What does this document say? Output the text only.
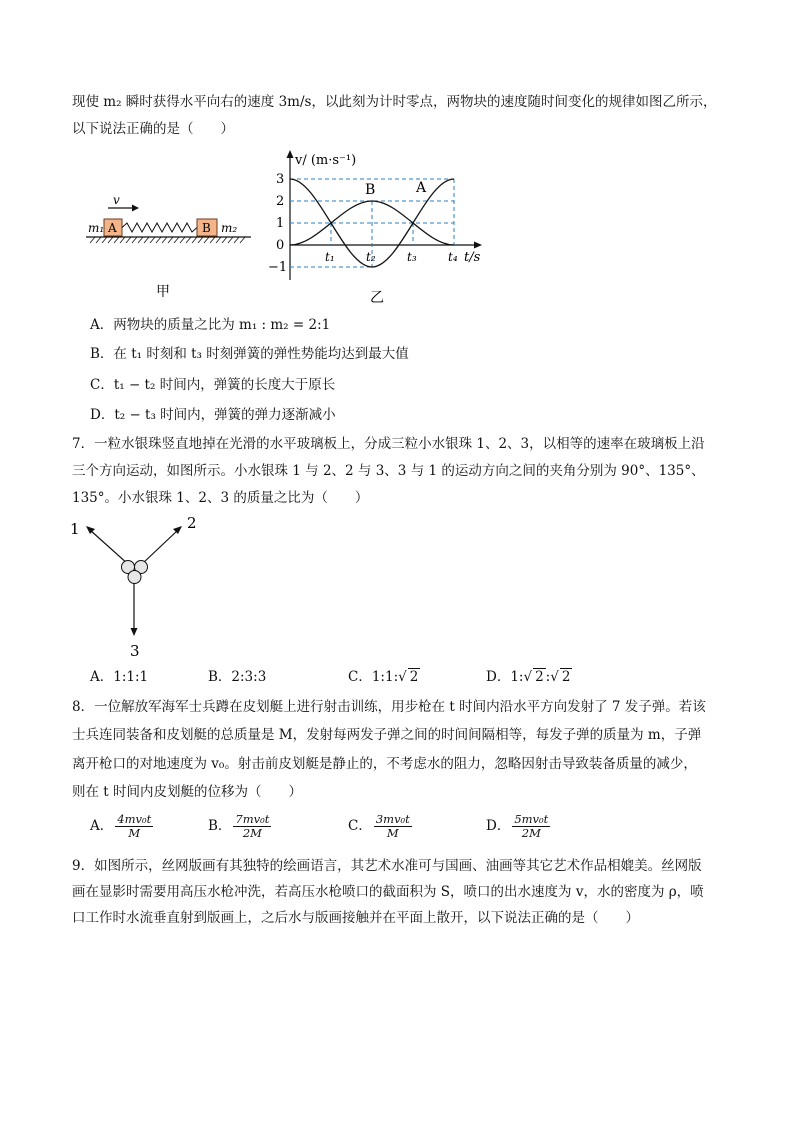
现使 m₂ 瞬时获得水平向右的速度 3m/s，以此刻为计时零点，两物块的速度随时间变化的规律如图乙所示，
以下说法正确的是（　　）
v
m₁ A	B m₂
甲
v/ (m·s⁻¹)
t/s
3
2
1
0
−1
B	A
t₁	t₂	t₃	t₄
乙
A．两物块的质量之比为 m₁ : m₂ = 2:1
B．在 t₁ 时刻和 t₃ 时刻弹簧的弹性势能均达到最大值
C．t₁ − t₂ 时间内，弹簧的长度大于原长
D．t₂ − t₃ 时间内，弹簧的弹力逐渐减小
7．一粒水银珠竖直地掉在光滑的水平玻璃板上，分成三粒小水银珠 1、2、3，以相等的速率在玻璃板上沿
三个方向运动，如图所示。小水银珠 1 与 2、2 与 3、3 与 1 的运动方向之间的夹角分别为 90°、135°、
135°。小水银珠 1、2、3 的质量之比为（　　）
1	2
3
A．1:1:1	B．2:3:3	C．1:1:√ 2	D．1:√ 2 :√ 2
8．一位解放军海军士兵蹲在皮划艇上进行射击训练，用步枪在 t 时间内沿水平方向发射了 7 发子弹。若该
士兵连同装备和皮划艇的总质量是 M，发射每两发子弹之间的时间间隔相等，每发子弹的质量为 m，子弹
离开枪口的对地速度为 v₀。射击前皮划艇是静止的，不考虑水的阻力，忽略因射击导致装备质量的减少，
则在 t 时间内皮划艇的位移为（　　）
A． $\frac{\text{4mv₀t}}{M}$	B． $\frac{\text{7mv₀t}}{2M}$	C． $\frac{\text{3mv₀t}}{M}$	D． $\frac{\text{5mv₀t}}{2M}$
9．如图所示，丝网版画有其独特的绘画语言，其艺术水准可与国画、油画等其它艺术作品相媲美。丝网版
画在显影时需要用高压水枪冲洗，若高压水枪喷口的截面积为 S，喷口的出水速度为 v，水的密度为 ρ，喷
口工作时水流垂直射到版画上，之后水与版画接触并在平面上散开，以下说法正确的是（　　）
